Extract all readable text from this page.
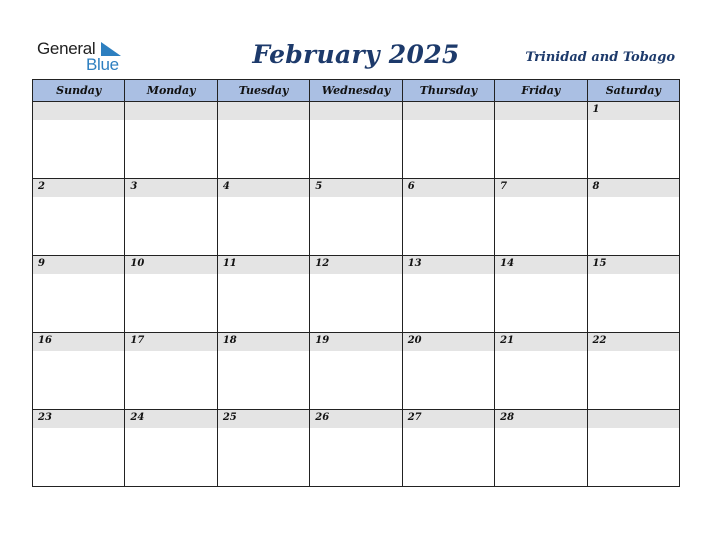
General
Blue	February 2025	Trinidad and Tobago
Sunday	Monday	Tuesday	Wednesday	Thursday	Friday	Saturday

						1

2	3	4	5	6	7	8

9	10	11	12	13	14	15

16	17	18	19	20	21	22

23	24	25	26	27	28	
